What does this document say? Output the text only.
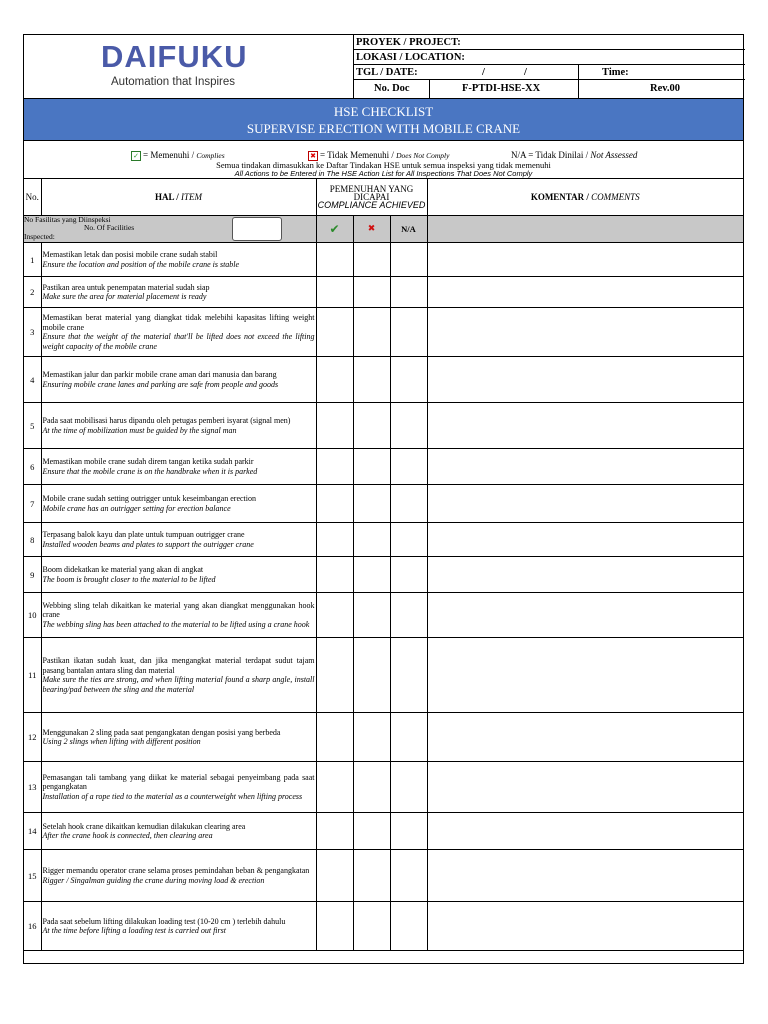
DAIFUKU
Automation that Inspires
PROYEK / PROJECT:
LOKASI / LOCATION:
TGL / DATE:	/	/	Time:
No. Doc	F-PTDI-HSE-XX	Rev.00
HSE CHECKLIST
SUPERVISE ERECTION WITH MOBILE CRANE
✓ = Memenuhi / Complies	✖ = Tidak Memenuhi / Does Not Comply	N/A = Tidak Dinilai / Not Assessed
Semua tindakan dimasukkan ke Daftar Tindakan HSE untuk semua inspeksi yang tidak memenuhi
All Actions to be Entered in The HSE Action List for All Inspections That Does Not Comply
No.	HAL / ITEM	PEMENUHAN YANG
DICAPAI
COMPLIANCE ACHIEVED			KOMENTAR / COMMENTS

No Fasilitas yang Diinspeksi
No. Of Facilities
Inspected:		✔	✖	N/A	
1	Memastikan letak dan posisi mobile crane sudah stabil
Ensure the location and position of the mobile crane is stable				

2	Pastikan area untuk penempatan material sudah siap
Make sure the area for material placement is ready				

3	Memastikan berat material yang diangkat tidak melebihi kapasitas lifting weight mobile crane
Ensure that the weight of the material that'll be lifted does not exceed the lifting weight capacity of the mobile crane				

4	Memastikan jalur dan parkir mobile crane aman dari manusia dan barang
Ensuring mobile crane lanes and parking are safe from people and goods				

5	Pada saat mobilisasi harus dipandu oleh petugas pemberi isyarat (signal men)
At the time of mobilization must be guided by the signal man				

6	Memastikan mobile crane sudah direm tangan ketika sudah parkir
Ensure that the mobile crane is on the handbrake when it is parked				

7	Mobile crane sudah setting outrigger untuk keseimbangan erection
Mobile crane has an outrigger setting for erection balance				

8	Terpasang balok kayu dan plate untuk tumpuan outrigger crane
Installed wooden beams and plates to support the outrigger crane				

9	Boom didekatkan ke material yang akan di angkat
The boom is brought closer to the material to be lifted				

10	Webbing sling telah dikaitkan ke material yang akan diangkat menggunakan hook crane
The webbing sling has been attached to the material to be lifted using a crane hook				

11	Pastikan ikatan sudah kuat, dan jika mengangkat material terdapat sudut tajam pasang bantalan antara sling dan material
Make sure the ties are strong, and when lifting material found a sharp angle, install bearing/pad between the sling and the material				

12	Menggunakan 2 sling pada saat pengangkatan dengan posisi yang berbeda
Using 2 slings when lifting with different position				

13	Pemasangan tali tambang yang diikat ke material sebagai penyeimbang pada saat pengangkatan
Installation of a rope tied to the material as a counterweight when lifting process				

14	Setelah hook crane dikaitkan kemudian dilakukan clearing area
After the crane hook is connected, then clearing area				

15	Rigger memandu operator crane selama proses pemindahan beban & pengangkatan
Rigger / Singalman guiding the crane during moving load & erection				

16	Pada saat sebelum lifting dilakukan loading test (10-20 cm ) terlebih dahulu
At the time before lifting a loading test is carried out first				
